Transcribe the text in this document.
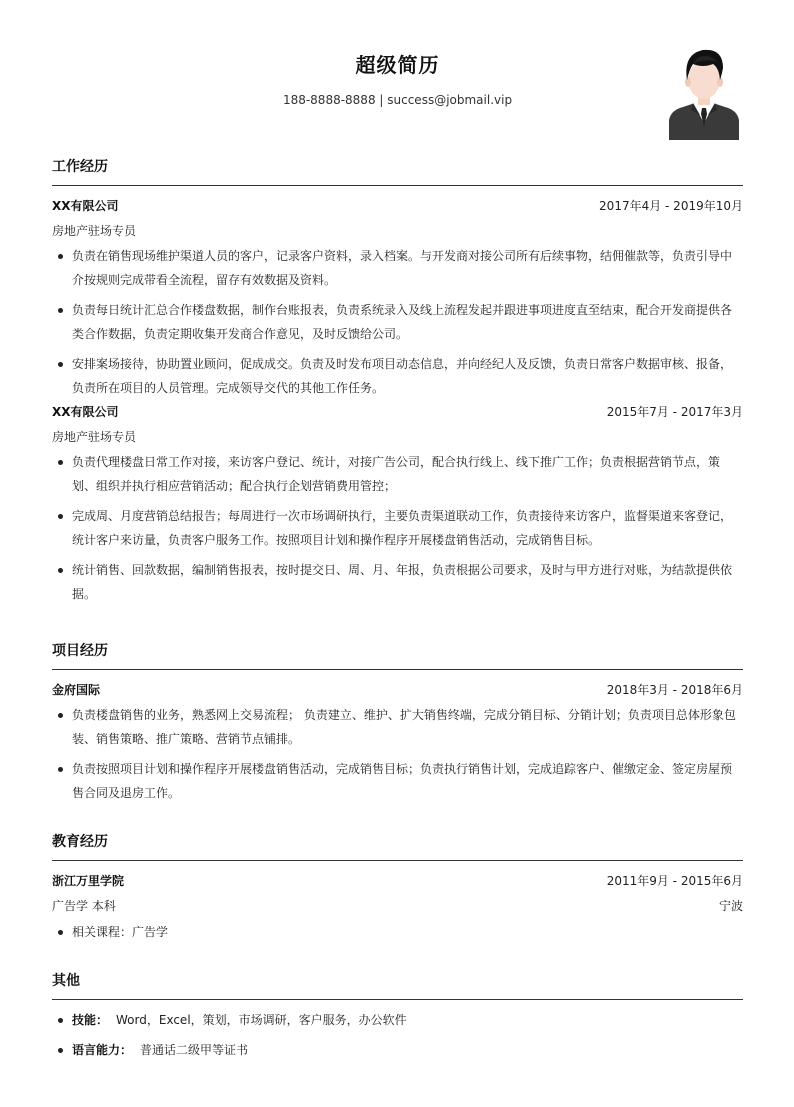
超级简历
188-8888-8888 | success@jobmail.vip
工作经历
XX有限公司	2017年4月 - 2019年10月
房地产驻场专员
负责在销售现场维护渠道人员的客户，记录客户资料，录入档案。与开发商对接公司所有后续事物，结佣催款等，负责引导中介按规则完成带看全流程，留存有效数据及资料。
负责每日统计汇总合作楼盘数据，制作台账报表，负责系统录入及线上流程发起并跟进事项进度直至结束，配合开发商提供各类合作数据，负责定期收集开发商合作意见，及时反馈给公司。
安排案场接待，协助置业顾问，促成成交。负责及时发布项目动态信息，并向经纪人及反馈，负责日常客户数据审核、报备，负责所在项目的人员管理。完成领导交代的其他工作任务。
XX有限公司	2015年7月 - 2017年3月
房地产驻场专员
负责代理楼盘日常工作对接，来访客户登记、统计，对接广告公司，配合执行线上、线下推广工作；负责根据营销节点，策划、组织并执行相应营销活动；配合执行企划营销费用管控；
完成周、月度营销总结报告；每周进行一次市场调研执行，主要负责渠道联动工作，负责接待来访客户，监督渠道来客登记，统计客户来访量，负责客户服务工作。按照项目计划和操作程序开展楼盘销售活动，完成销售目标。
统计销售、回款数据，编制销售报表，按时提交日、周、月、年报，负责根据公司要求，及时与甲方进行对账，为结款提供依据。
项目经历
金府国际	2018年3月 - 2018年6月
负责楼盘销售的业务，熟悉网上交易流程； 负责建立、维护、扩大销售终端，完成分销目标、分销计划；负责项目总体形象包装、销售策略、推广策略、营销节点铺排。
负责按照项目计划和操作程序开展楼盘销售活动，完成销售目标；负责执行销售计划，完成追踪客户、催缴定金、签定房屋预售合同及退房工作。
教育经历
浙江万里学院	2011年9月 - 2015年6月
广告学 本科	宁波
相关课程：广告学
其他
技能： Word，Excel，策划，市场调研，客户服务，办公软件
语言能力： 普通话二级甲等证书
